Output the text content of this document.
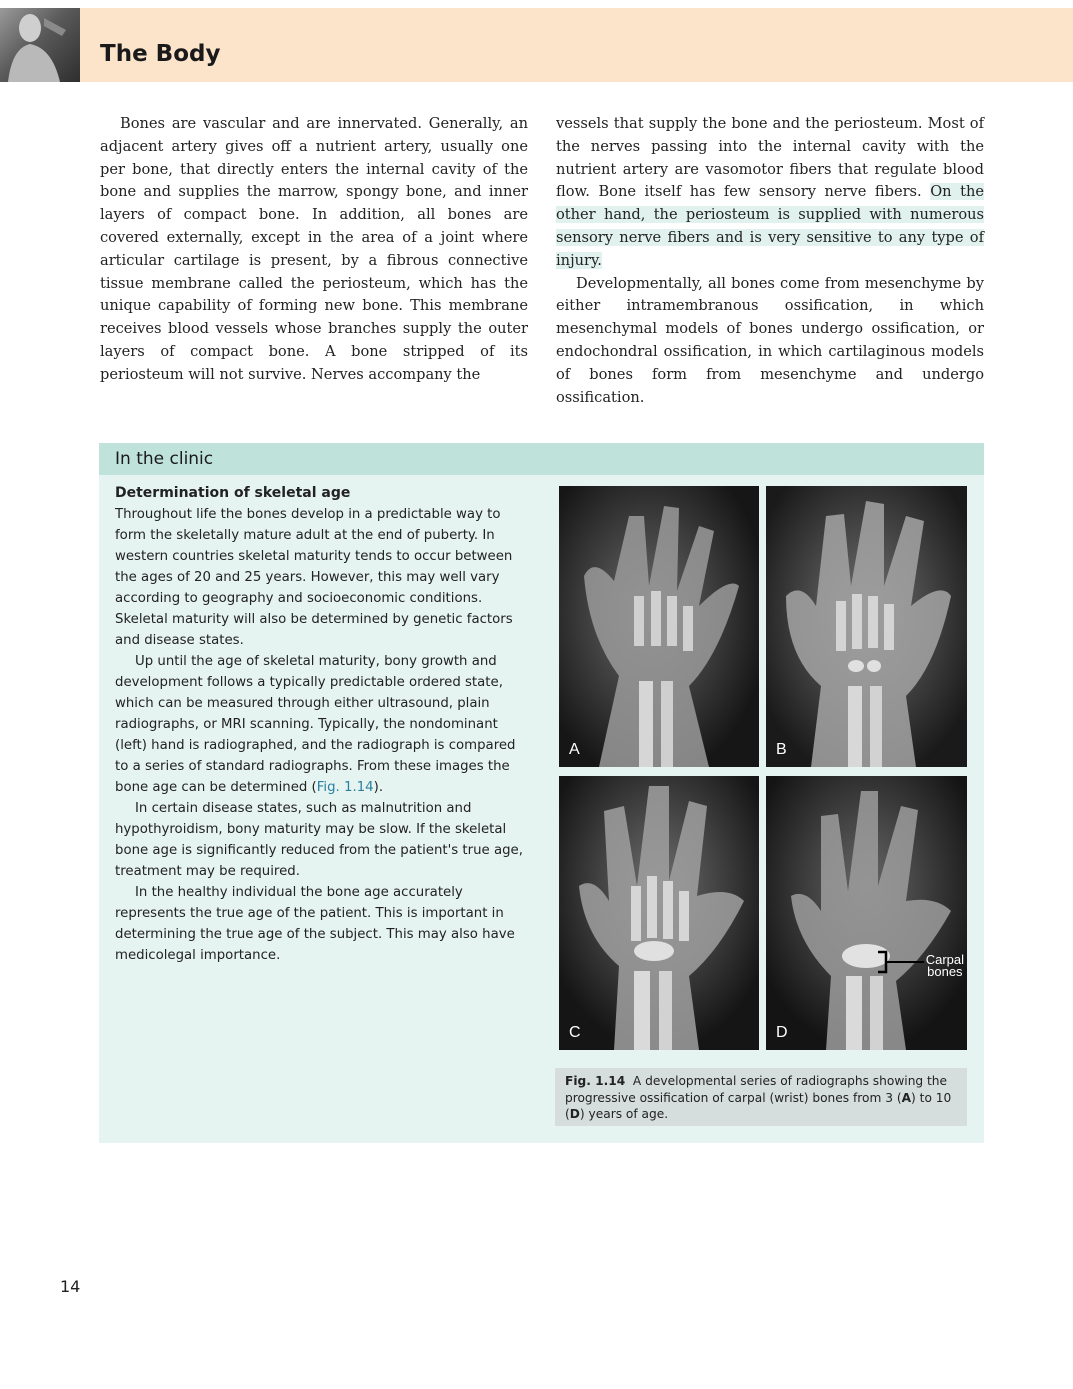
The Body

Bones are vascular and are innervated. Generally, an adjacent artery gives off a nutrient artery, usually one per bone, that directly enters the internal cavity of the bone and supplies the marrow, spongy bone, and inner layers of compact bone. In addition, all bones are covered externally, except in the area of a joint where articular cartilage is present, by a fibrous connective tissue membrane called the periosteum, which has the unique capability of forming new bone. This membrane receives blood vessels whose branches supply the outer layers of compact bone. A bone stripped of its periosteum will not survive. Nerves accompany the

vessels that supply the bone and the periosteum. Most of the nerves passing into the internal cavity with the nutrient artery are vasomotor fibers that regulate blood flow. Bone itself has few sensory nerve fibers. On the other hand, the periosteum is supplied with numerous sensory nerve fibers and is very sensitive to any type of injury.

Developmentally, all bones come from mesenchyme by either intramembranous ossification, in which mesenchymal models of bones undergo ossification, or endochondral ossification, in which cartilaginous models of bones form from mesenchyme and undergo ossification.

In the clinic

Determination of skeletal age

Throughout life the bones develop in a predictable way to form the skeletally mature adult at the end of puberty. In western countries skeletal maturity tends to occur between the ages of 20 and 25 years. However, this may well vary according to geography and socioeconomic conditions. Skeletal maturity will also be determined by genetic factors and disease states.

Up until the age of skeletal maturity, bony growth and development follows a typically predictable ordered state, which can be measured through either ultrasound, plain radiographs, or MRI scanning. Typically, the nondominant (left) hand is radiographed, and the radiograph is compared to a series of standard radiographs. From these images the bone age can be determined (Fig. 1.14).

In certain disease states, such as malnutrition and hypothyroidism, bony maturity may be slow. If the skeletal bone age is significantly reduced from the patient's true age, treatment may be required.

In the healthy individual the bone age accurately represents the true age of the patient. This is important in determining the true age of the subject. This may also have medicolegal importance.

A	B
C
Carpal
bones
D
Fig. 1.14 A developmental series of radiographs showing the progressive ossification of carpal (wrist) bones from 3 (A) to 10 (D) years of age.
14
